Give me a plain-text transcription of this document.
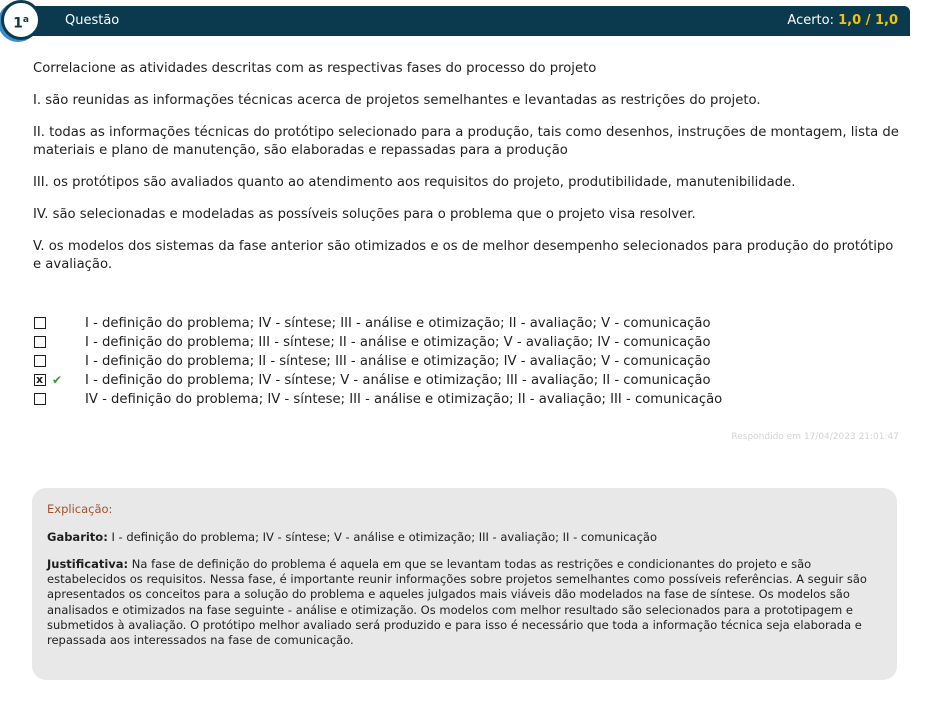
Questão	Acerto: 1,0 / 1,0
1$^a$

Correlacione as atividades descritas com as respectivas fases do processo do projeto

I. são reunidas as informações técnicas acerca de projetos semelhantes e levantadas as restrições do projeto.

II. todas as informações técnicas do protótipo selecionado para a produção, tais como desenhos, instruções de montagem, lista de materiais e plano de manutenção, são elaboradas e repassadas para a produção

III. os protótipos são avaliados quanto ao atendimento aos requisitos do projeto, produtibilidade, manutenibilidade.

IV. são selecionadas e modeladas as possíveis soluções para o problema que o projeto visa resolver.

V. os modelos dos sistemas da fase anterior são otimizados e os de melhor desempenho selecionados para produção do protótipo e avaliação.

I - definição do problema; IV - síntese; III - análise e otimização; II - avaliação; V - comunicação
I - definição do problema; III - síntese; II - análise e otimização; V - avaliação; IV - comunicação
I - definição do problema; II - síntese; III - análise e otimização; IV - avaliação; V - comunicação
x
✔ I - definição do problema; IV - síntese; V - análise e otimização; III - avaliação; II - comunicação
IV - definição do problema; IV - síntese; III - análise e otimização; II - avaliação; III - comunicação
Respondido em 17/04/2023 21:01:47
Explicação:
Gabarito: I - definição do problema; IV - síntese; V - análise e otimização; III - avaliação; II - comunicação
Justificativa: Na fase de definição do problema é aquela em que se levantam todas as restrições e condicionantes do projeto e são estabelecidos os requisitos. Nessa fase, é importante reunir informações sobre projetos semelhantes como possíveis referências. A seguir são apresentados os conceitos para a solução do problema e aqueles julgados mais viáveis dão modelados na fase de síntese. Os modelos são analisados e otimizados na fase seguinte - análise e otimização. Os modelos com melhor resultado são selecionados para a prototipagem e submetidos à avaliação. O protótipo melhor avaliado será produzido e para isso é necessário que toda a informação técnica seja elaborada e repassada aos interessados na fase de comunicação.
